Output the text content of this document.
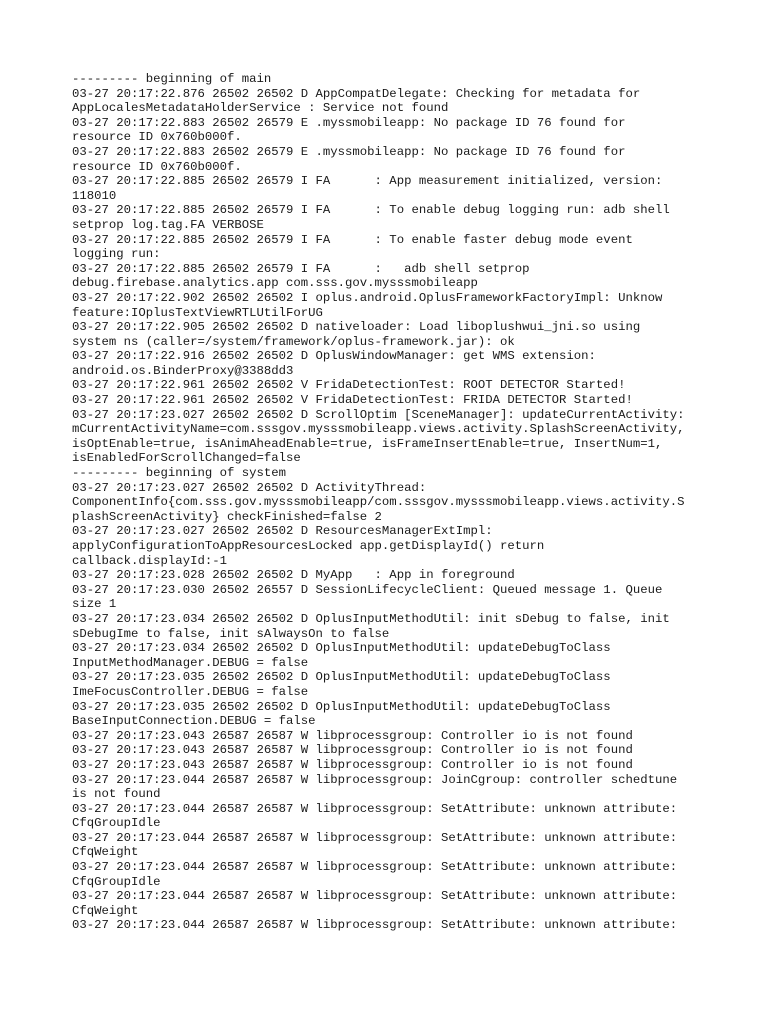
--------- beginning of main
03-27 20:17:22.876 26502 26502 D AppCompatDelegate: Checking for metadata for
AppLocalesMetadataHolderService : Service not found
03-27 20:17:22.883 26502 26579 E .myssmobileapp: No package ID 76 found for
resource ID 0x760b000f.
03-27 20:17:22.883 26502 26579 E .myssmobileapp: No package ID 76 found for
resource ID 0x760b000f.
03-27 20:17:22.885 26502 26579 I FA      : App measurement initialized, version:
118010
03-27 20:17:22.885 26502 26579 I FA      : To enable debug logging run: adb shell
setprop log.tag.FA VERBOSE
03-27 20:17:22.885 26502 26579 I FA      : To enable faster debug mode event
logging run:
03-27 20:17:22.885 26502 26579 I FA      :   adb shell setprop
debug.firebase.analytics.app com.sss.gov.mysssmobileapp
03-27 20:17:22.902 26502 26502 I oplus.android.OplusFrameworkFactoryImpl: Unknow
feature:IOplusTextViewRTLUtilForUG
03-27 20:17:22.905 26502 26502 D nativeloader: Load liboplushwui_jni.so using
system ns (caller=/system/framework/oplus-framework.jar): ok
03-27 20:17:22.916 26502 26502 D OplusWindowManager: get WMS extension:
android.os.BinderProxy@3388dd3
03-27 20:17:22.961 26502 26502 V FridaDetectionTest: ROOT DETECTOR Started!
03-27 20:17:22.961 26502 26502 V FridaDetectionTest: FRIDA DETECTOR Started!
03-27 20:17:23.027 26502 26502 D ScrollOptim [SceneManager]: updateCurrentActivity:
mCurrentActivityName=com.sssgov.mysssmobileapp.views.activity.SplashScreenActivity,
isOptEnable=true, isAnimAheadEnable=true, isFrameInsertEnable=true, InsertNum=1,
isEnabledForScrollChanged=false
--------- beginning of system
03-27 20:17:23.027 26502 26502 D ActivityThread:
ComponentInfo{com.sss.gov.mysssmobileapp/com.sssgov.mysssmobileapp.views.activity.S
plashScreenActivity} checkFinished=false 2
03-27 20:17:23.027 26502 26502 D ResourcesManagerExtImpl:
applyConfigurationToAppResourcesLocked app.getDisplayId() return
callback.displayId:-1
03-27 20:17:23.028 26502 26502 D MyApp   : App in foreground
03-27 20:17:23.030 26502 26557 D SessionLifecycleClient: Queued message 1. Queue
size 1
03-27 20:17:23.034 26502 26502 D OplusInputMethodUtil: init sDebug to false, init
sDebugIme to false, init sAlwaysOn to false
03-27 20:17:23.034 26502 26502 D OplusInputMethodUtil: updateDebugToClass
InputMethodManager.DEBUG = false
03-27 20:17:23.035 26502 26502 D OplusInputMethodUtil: updateDebugToClass
ImeFocusController.DEBUG = false
03-27 20:17:23.035 26502 26502 D OplusInputMethodUtil: updateDebugToClass
BaseInputConnection.DEBUG = false
03-27 20:17:23.043 26587 26587 W libprocessgroup: Controller io is not found
03-27 20:17:23.043 26587 26587 W libprocessgroup: Controller io is not found
03-27 20:17:23.043 26587 26587 W libprocessgroup: Controller io is not found
03-27 20:17:23.044 26587 26587 W libprocessgroup: JoinCgroup: controller schedtune
is not found
03-27 20:17:23.044 26587 26587 W libprocessgroup: SetAttribute: unknown attribute:
CfqGroupIdle
03-27 20:17:23.044 26587 26587 W libprocessgroup: SetAttribute: unknown attribute:
CfqWeight
03-27 20:17:23.044 26587 26587 W libprocessgroup: SetAttribute: unknown attribute:
CfqGroupIdle
03-27 20:17:23.044 26587 26587 W libprocessgroup: SetAttribute: unknown attribute:
CfqWeight
03-27 20:17:23.044 26587 26587 W libprocessgroup: SetAttribute: unknown attribute:
